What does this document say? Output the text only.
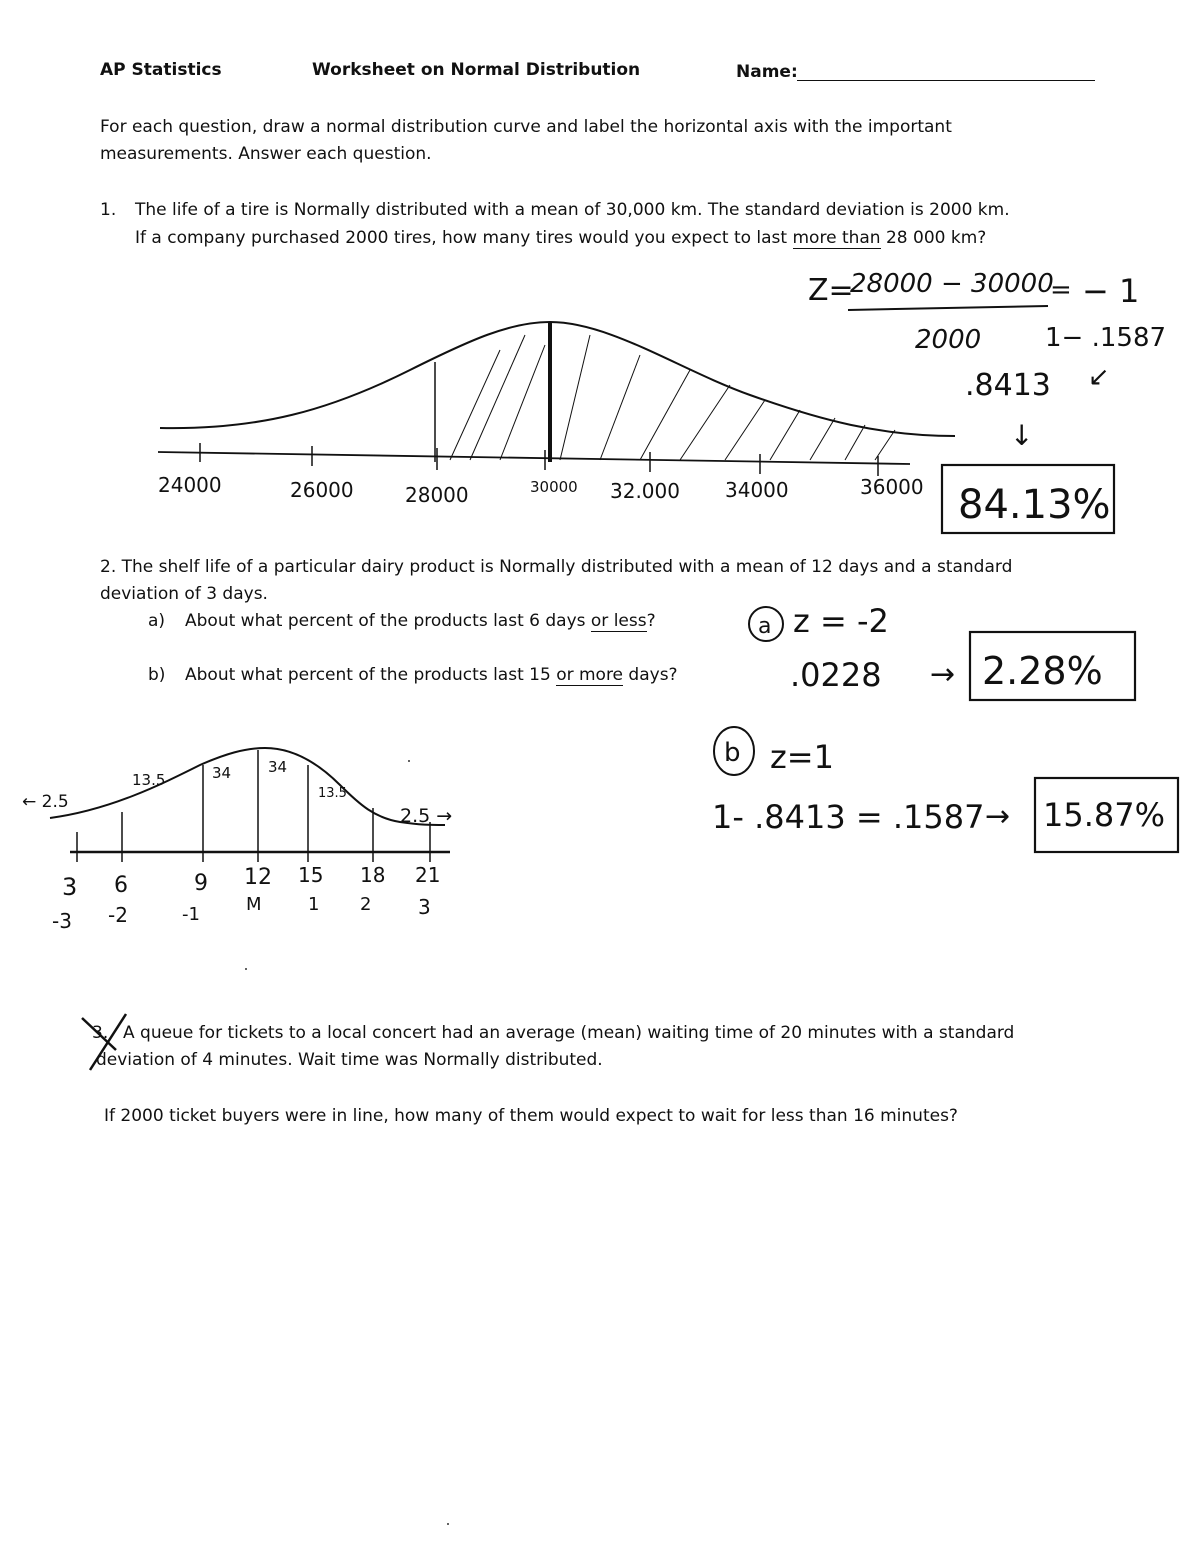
AP Statistics	Worksheet on Normal Distribution	Name:
For each question, draw a normal distribution curve and label the horizontal axis with the important
measurements. Answer each question.
1. The life of a tire is Normally distributed with a mean of 30,000 km. The standard deviation is 2000 km.
If a company purchased 2000 tires, how many tires would you expect to last more than 28 000 km?
Z=
28000 − 30000
= − 1
2000 1− .1587
.8413 ↙
↓
84.13%
24000	26000	28000	30000 32.000 34000	36000
2. The shelf life of a particular dairy product is Normally distributed with a mean of 12 days and a standard
deviation of 3 days.
a) About what percent of the products last 6 days or less?
b) About what percent of the products last 15 or more days?
a z = -2
.0228 → 2.28%
b z=1
1- .8413 = .1587 → 15.87%
← 2.5
13.5	34 34
13.5
2.5 →
3 6	9 12 15 18 21
-3 -2	-1	M	1 2 3
3. A queue for tickets to a local concert had an average (mean) waiting time of 20 minutes with a standard
deviation of 4 minutes. Wait time was Normally distributed.
If 2000 ticket buyers were in line, how many of them would expect to wait for less than 16 minutes?
